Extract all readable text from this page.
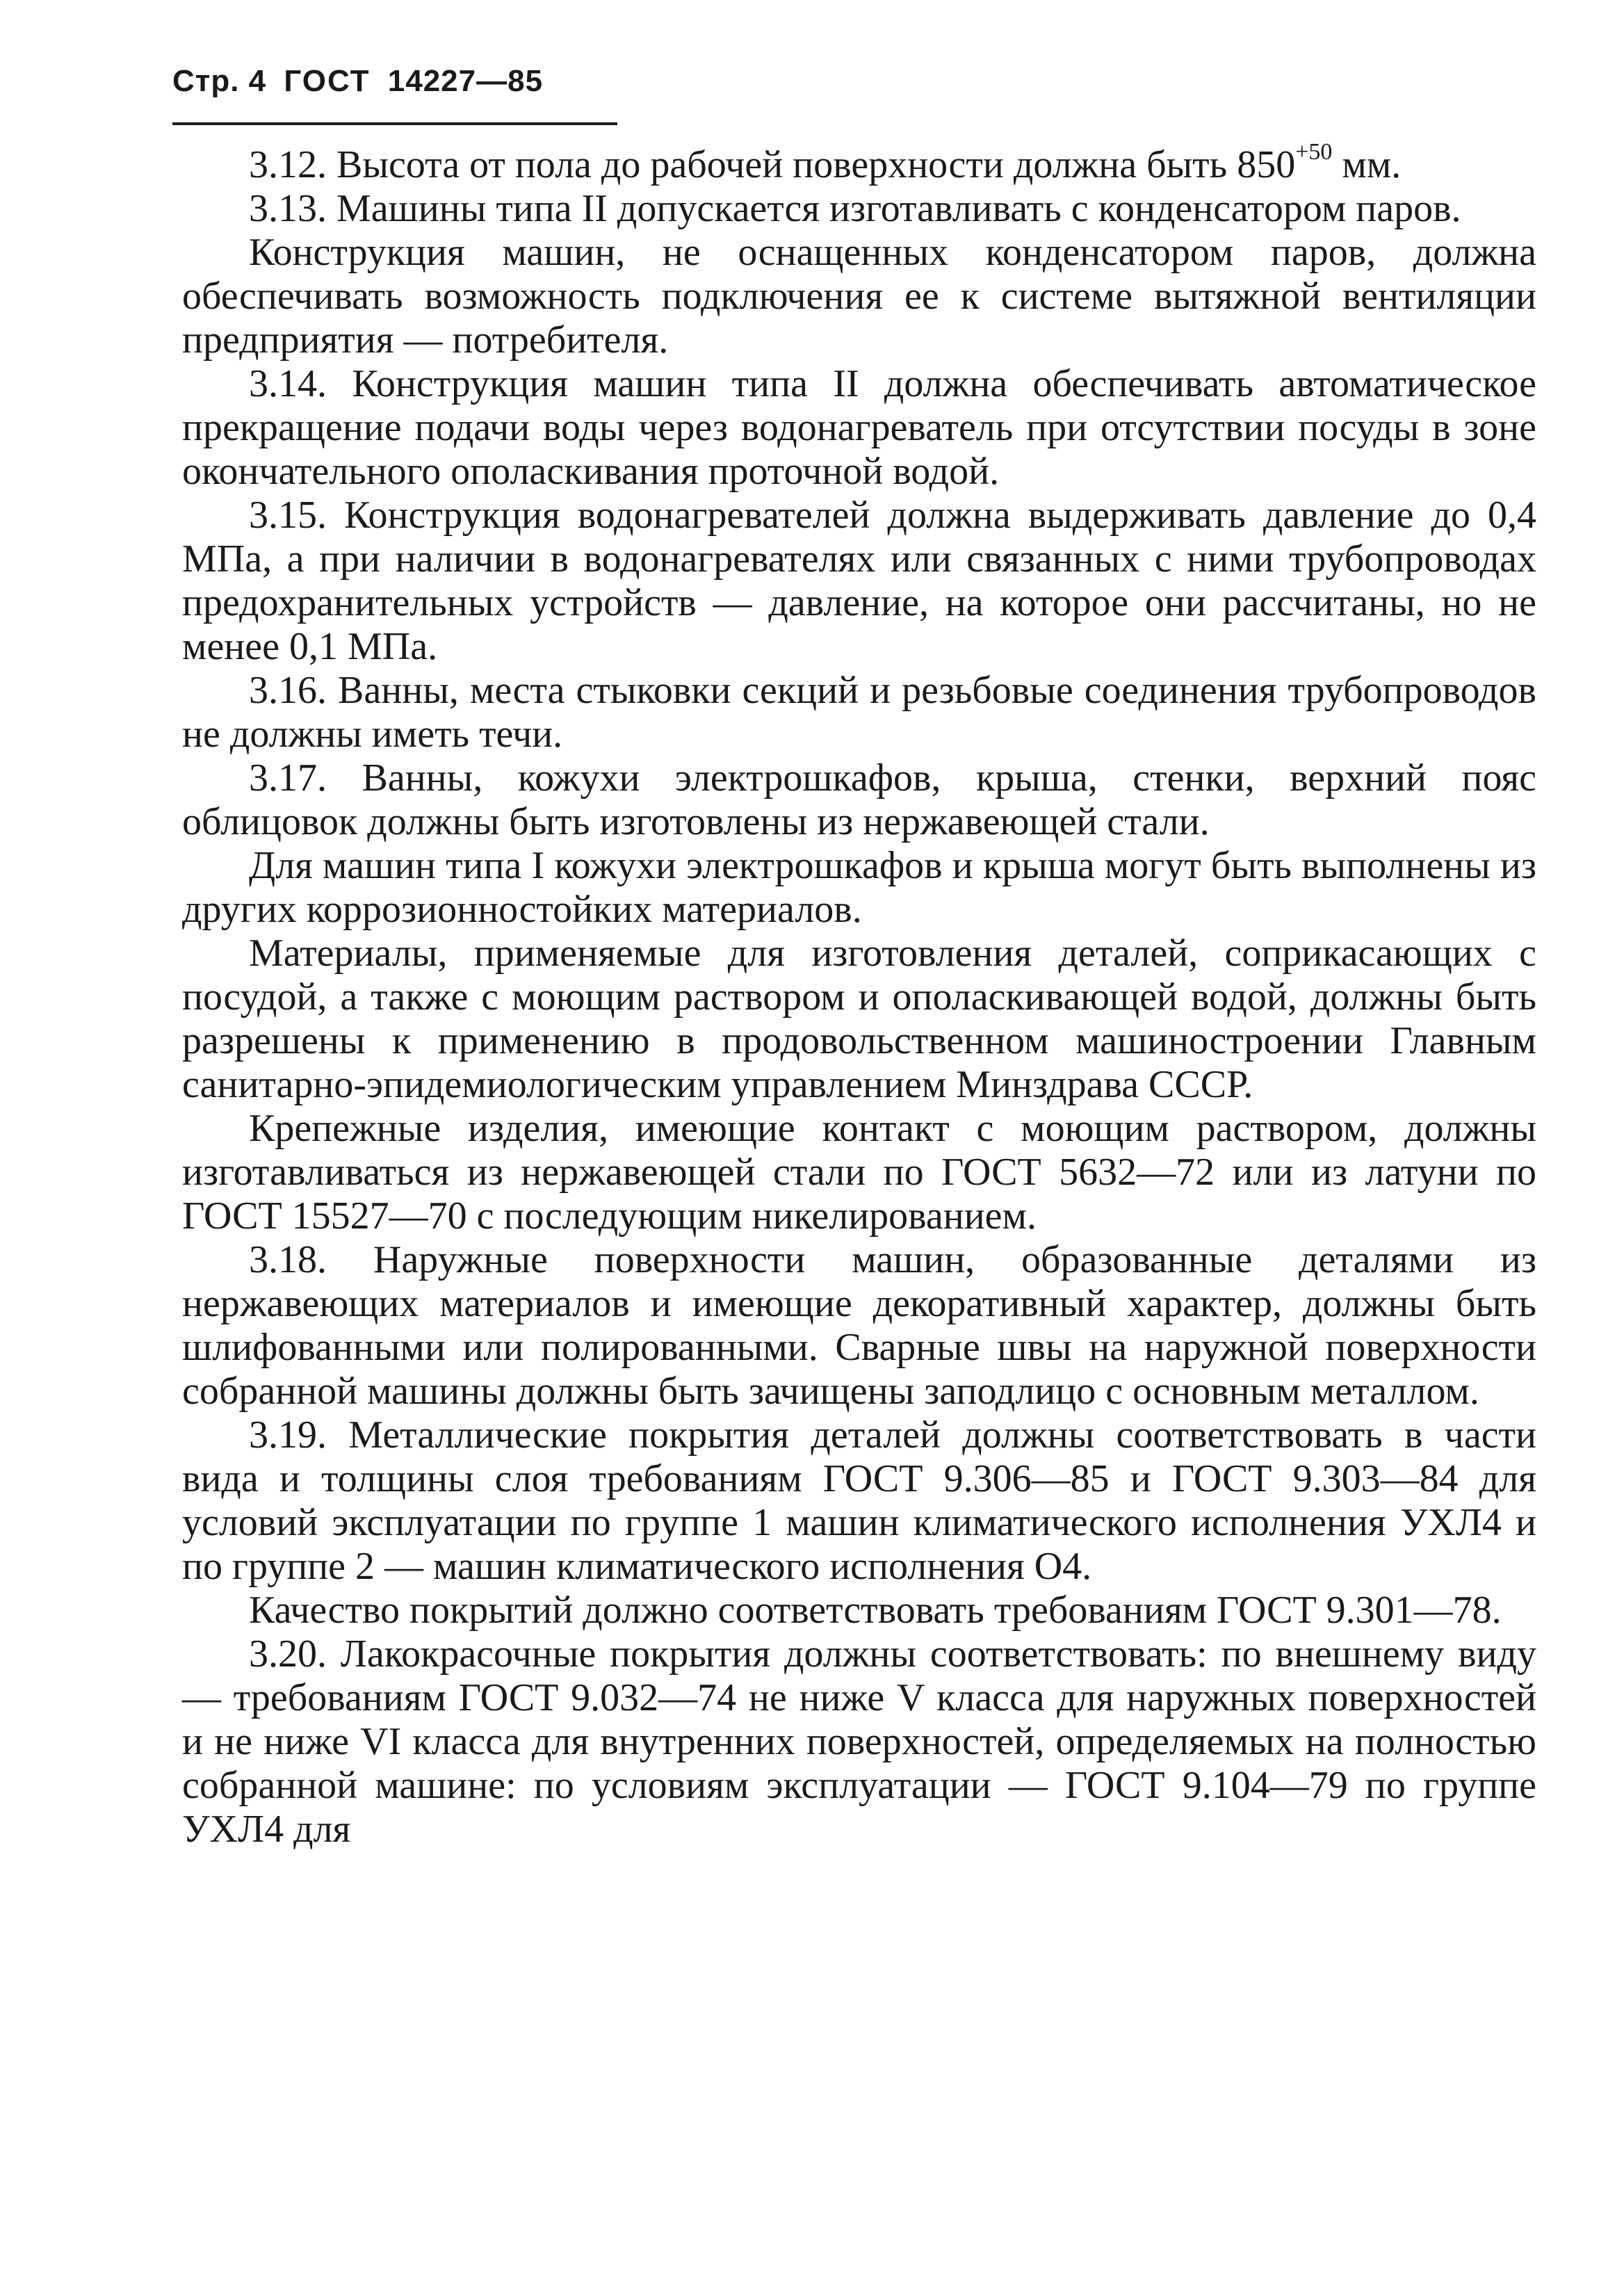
Стр. 4 ГОСТ 14227—85

3.12. Высота от пола до рабочей поверхности должна быть $850^{+50}$ мм.

3.13. Машины типа II допускается изготавливать с конденсатором паров.

Конструкция машин, не оснащенных конденсатором паров, должна обеспечивать возможность подключения ее к системе вытяжной вентиляции предприятия — потребителя.

3.14. Конструкция машин типа II должна обеспечивать автоматическое прекращение подачи воды через водонагреватель при отсутствии посуды в зоне окончательного ополаскивания проточной водой.

3.15. Конструкция водонагревателей должна выдерживать давление до 0,4 МПа, а при наличии в водонагревателях или связанных с ними трубопроводах предохранительных устройств — давление, на которое они рассчитаны, но не менее 0,1 МПа.

3.16. Ванны, места стыковки секций и резьбовые соединения трубопроводов не должны иметь течи.

3.17. Ванны, кожухи электрошкафов, крыша, стенки, верхний пояс облицовок должны быть изготовлены из нержавеющей стали.

Для машин типа I кожухи электрошкафов и крыша могут быть выполнены из других коррозионностойких материалов.

Материалы, применяемые для изготовления деталей, соприкасающих с посудой, а также с моющим раствором и ополаскивающей водой, должны быть разрешены к применению в продовольственном машиностроении Главным санитарно-эпидемиологическим управлением Минздрава СССР.

Крепежные изделия, имеющие контакт с моющим раствором, должны изготавливаться из нержавеющей стали по ГОСТ 5632—72 или из латуни по ГОСТ 15527—70 с последующим никелированием.

3.18. Наружные поверхности машин, образованные деталями из нержавеющих материалов и имеющие декоративный характер, должны быть шлифованными или полированными. Сварные швы на наружной поверхности собранной машины должны быть зачищены заподлицо с основным металлом.

3.19. Металлические покрытия деталей должны соответствовать в части вида и толщины слоя требованиям ГОСТ 9.306—85 и ГОСТ 9.303—84 для условий эксплуатации по группе 1 машин климатического исполнения УХЛ4 и по группе 2 — машин климатического исполнения О4.

Качество покрытий должно соответствовать требованиям ГОСТ 9.301—78.

3.20. Лакокрасочные покрытия должны соответствовать: по внешнему виду — требованиям ГОСТ 9.032—74 не ниже V класса для наружных поверхностей и не ниже VI класса для внутренних поверхностей, определяемых на полностью собранной машине: по условиям эксплуатации — ГОСТ 9.104—79 по группе УХЛ4 для
